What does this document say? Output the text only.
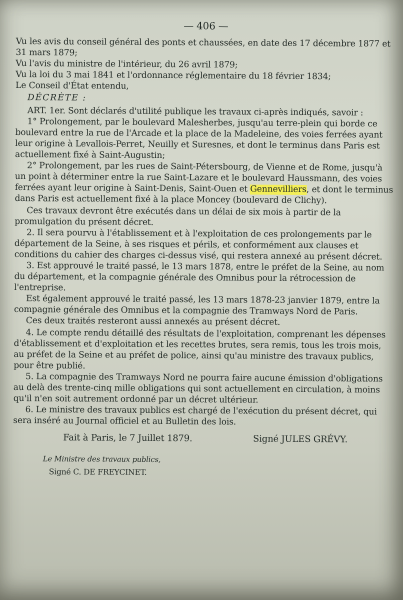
— 406 —

Vu les avis du conseil général des ponts et chaussées, en date des 17 décembre 1877 et 31 mars 1879;

Vu l'avis du ministre de l'intérieur, du 26 avril 1879;

Vu la loi du 3 mai 1841 et l'ordonnance réglementaire du 18 février 1834;

Le Conseil d'État entendu,

DÉCRÈTE :

ART. 1er. Sont déclarés d'utilité publique les travaux ci-après indiqués, savoir :

1° Prolongement, par le boulevard Malesherbes, jusqu'au terre-plein qui borde ce boulevard entre la rue de l'Arcade et la place de la Madeleine, des voies ferrées ayant leur origine à Levallois-Perret, Neuilly et Suresnes, et dont le terminus dans Paris est actuellement fixé à Saint-Augustin;

2° Prolongement, par les rues de Saint-Pétersbourg, de Vienne et de Rome, jusqu'à un point à déterminer entre la rue Saint-Lazare et le boulevard Haussmann, des voies ferrées ayant leur origine à Saint-Denis, Saint-Ouen et Gennevilliers, et dont le terminus dans Paris est actuellement fixé à la place Moncey (boulevard de Clichy).

Ces travaux devront être exécutés dans un délai de six mois à partir de la promulgation du présent décret.

2. Il sera pourvu à l'établissement et à l'exploitation de ces prolongements par le département de la Seine, à ses risques et périls, et conformément aux clauses et conditions du cahier des charges ci-dessus visé, qui restera annexé au présent décret.

3. Est approuvé le traité passé, le 13 mars 1878, entre le préfet de la Seine, au nom du département, et la compagnie générale des Omnibus pour la rétrocession de l'entreprise.

Est également approuvé le traité passé, les 13 mars 1878-23 janvier 1879, entre la compagnie générale des Omnibus et la compagnie des Tramways Nord de Paris.

Ces deux traités resteront aussi annexés au présent décret.

4. Le compte rendu détaillé des résultats de l'exploitation, comprenant les dépenses d'établissement et d'exploitation et les recettes brutes, sera remis, tous les trois mois, au préfet de la Seine et au préfet de police, ainsi qu'au ministre des travaux publics, pour être publié.

5. La compagnie des Tramways Nord ne pourra faire aucune émission d'obligations au delà des trente-cinq mille obligations qui sont actuellement en circulation, à moins qu'il n'en soit autrement ordonné par un décret ultérieur.

6. Le ministre des travaux publics est chargé de l'exécution du présent décret, qui sera inséré au Journal officiel et au Bulletin des lois.

Fait à Paris, le 7 Juillet 1879.	Signé JULES GRÉVY.
Le Ministre des travaux publics,
Signé C. DE FREYCINET.
